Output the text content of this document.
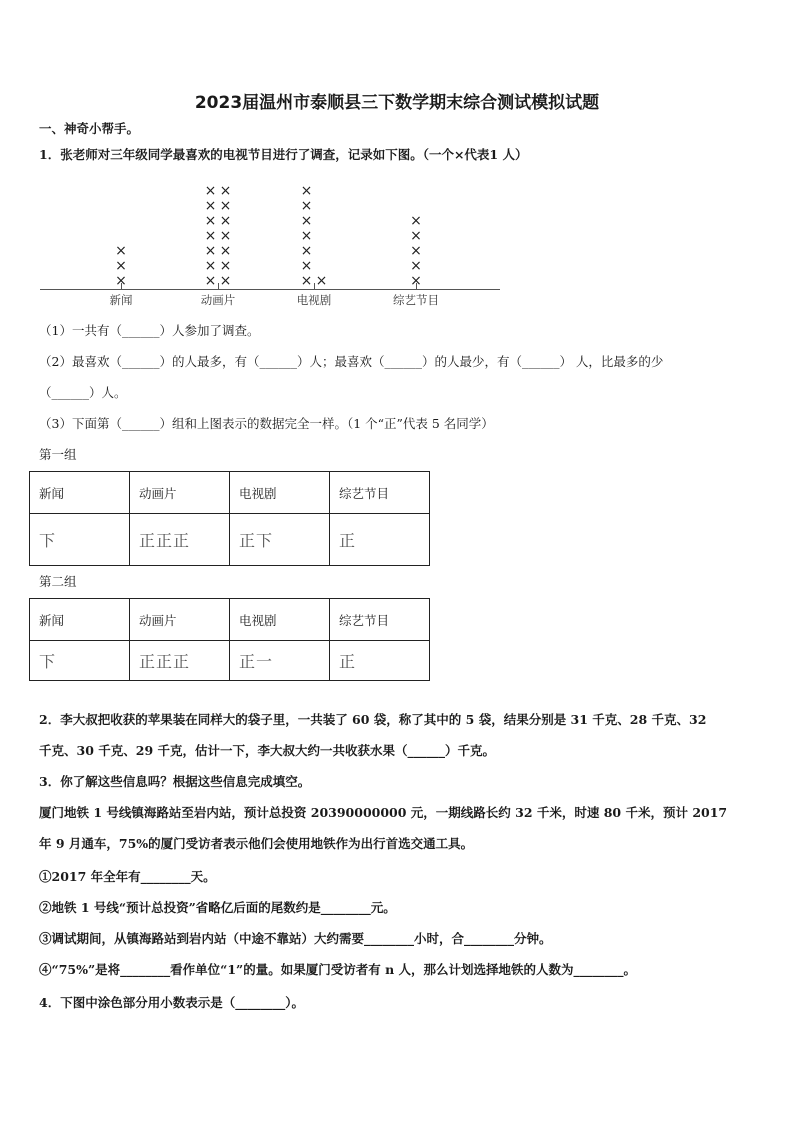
2023届温州市泰顺县三下数学期末综合测试模拟试题
一、神奇小帮手。
1．张老师对三年级同学最喜欢的电视节目进行了调查，记录如下图。（一个×代表1 人）
新闻
×
×
×
动画片
×
×
×
×
×
×
×
×
×
×
×
×
×
×
电视剧
×
×
×
×
×
×
×
×
综艺节目
×
×
×
×
×
（1）一共有（______）人参加了调查。
（2）最喜欢（______）的人最多，有（______）人；最喜欢（______）的人最少，有（______） 人，比最多的少
（______）人。
（3）下面第（______）组和上图表示的数据完全一样。（1 个“正”代表 5 名同学）
第一组
新闻	动画片	电视剧	综艺节目
下	正正正	正下	正
第二组
新闻	动画片	电视剧	综艺节目
下	正正正	正一	正
2．李大叔把收获的苹果装在同样大的袋子里，一共装了 60 袋，称了其中的 5 袋，结果分别是 31 千克、28 千克、32
千克、30 千克、29 千克，估计一下，李大叔大约一共收获水果（______）千克。
3．你了解这些信息吗？根据这些信息完成填空。
厦门地铁 1 号线镇海路站至岩内站，预计总投资 20390000000 元，一期线路长约 32 千米，时速 80 千米，预计 2017
年 9 月通车，75%的厦门受访者表示他们会使用地铁作为出行首选交通工具。
①2017 年全年有________天。
②地铁 1 号线“预计总投资”省略亿后面的尾数约是________元。
③调试期间，从镇海路站到岩内站（中途不靠站）大约需要________小时，合________分钟。
④“75%”是将________看作单位“1”的量。如果厦门受访者有 n 人，那么计划选择地铁的人数为________。
4．下图中涂色部分用小数表示是（________）。
